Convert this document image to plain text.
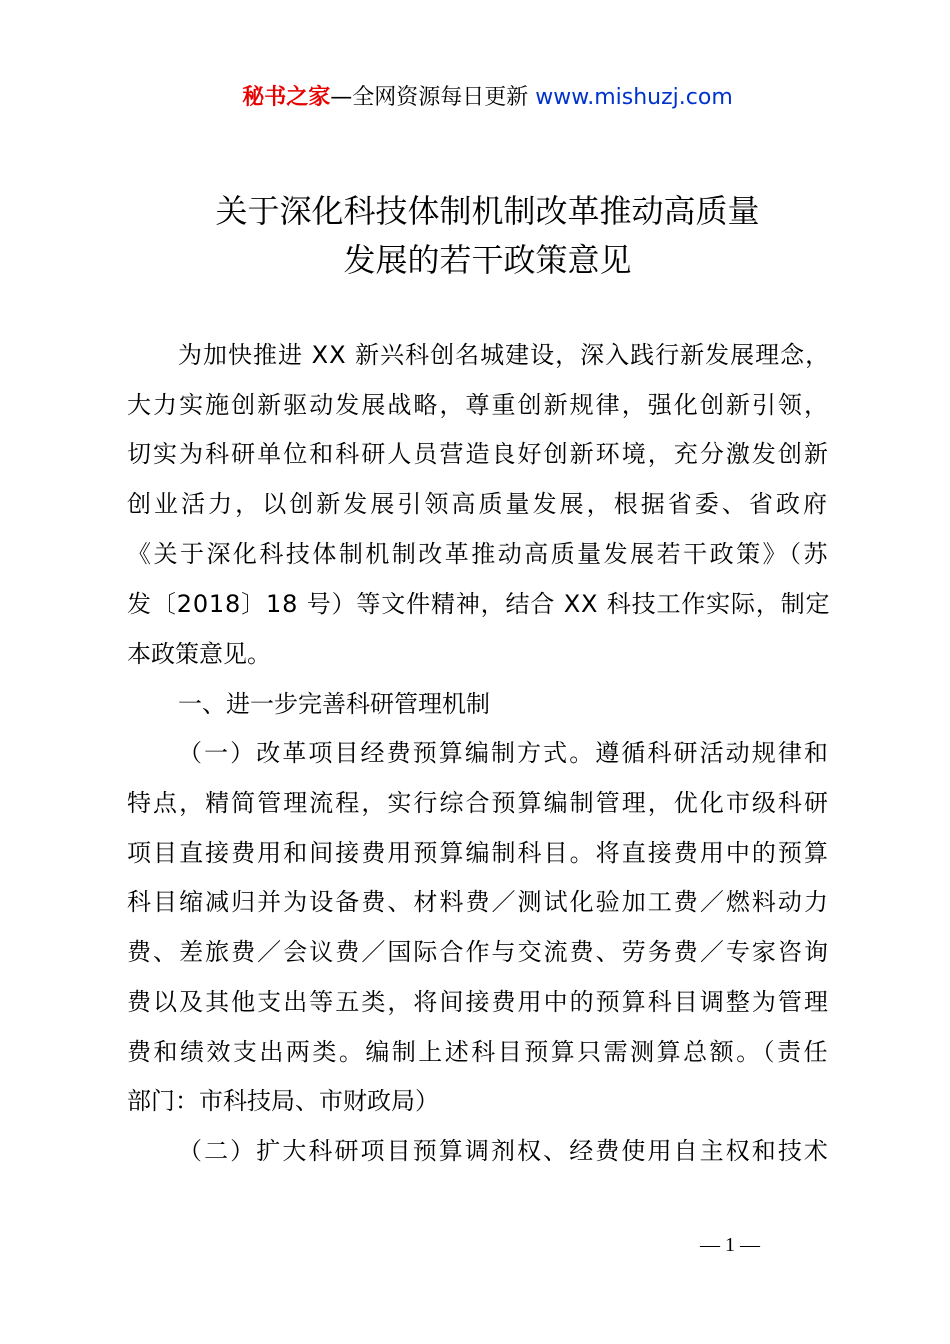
秘书之家—全网资源每日更新 www.mishuzj.com
关于深化科技体制机制改革推动高质量
发展的若干政策意见
为加快推进 XX 新兴科创名城建设，深入践行新发展理念，
大力实施创新驱动发展战略，尊重创新规律，强化创新引领，
切实为科研单位和科研人员营造良好创新环境，充分激发创新
创业活力，以创新发展引领高质量发展，根据省委、省政府
《关于深化科技体制机制改革推动高质量发展若干政策》（苏
发〔2018〕18 号）等文件精神，结合 XX 科技工作实际，制定
本政策意见。
一、进一步完善科研管理机制
（一）改革项目经费预算编制方式。遵循科研活动规律和
特点，精简管理流程，实行综合预算编制管理，优化市级科研
项目直接费用和间接费用预算编制科目。将直接费用中的预算
科目缩减归并为设备费、材料费／测试化验加工费／燃料动力
费、差旅费／会议费／国际合作与交流费、劳务费／专家咨询
费以及其他支出等五类，将间接费用中的预算科目调整为管理
费和绩效支出两类。编制上述科目预算只需测算总额。（责任
部门：市科技局、市财政局）
（二）扩大科研项目预算调剂权、经费使用自主权和技术
— 1 —
